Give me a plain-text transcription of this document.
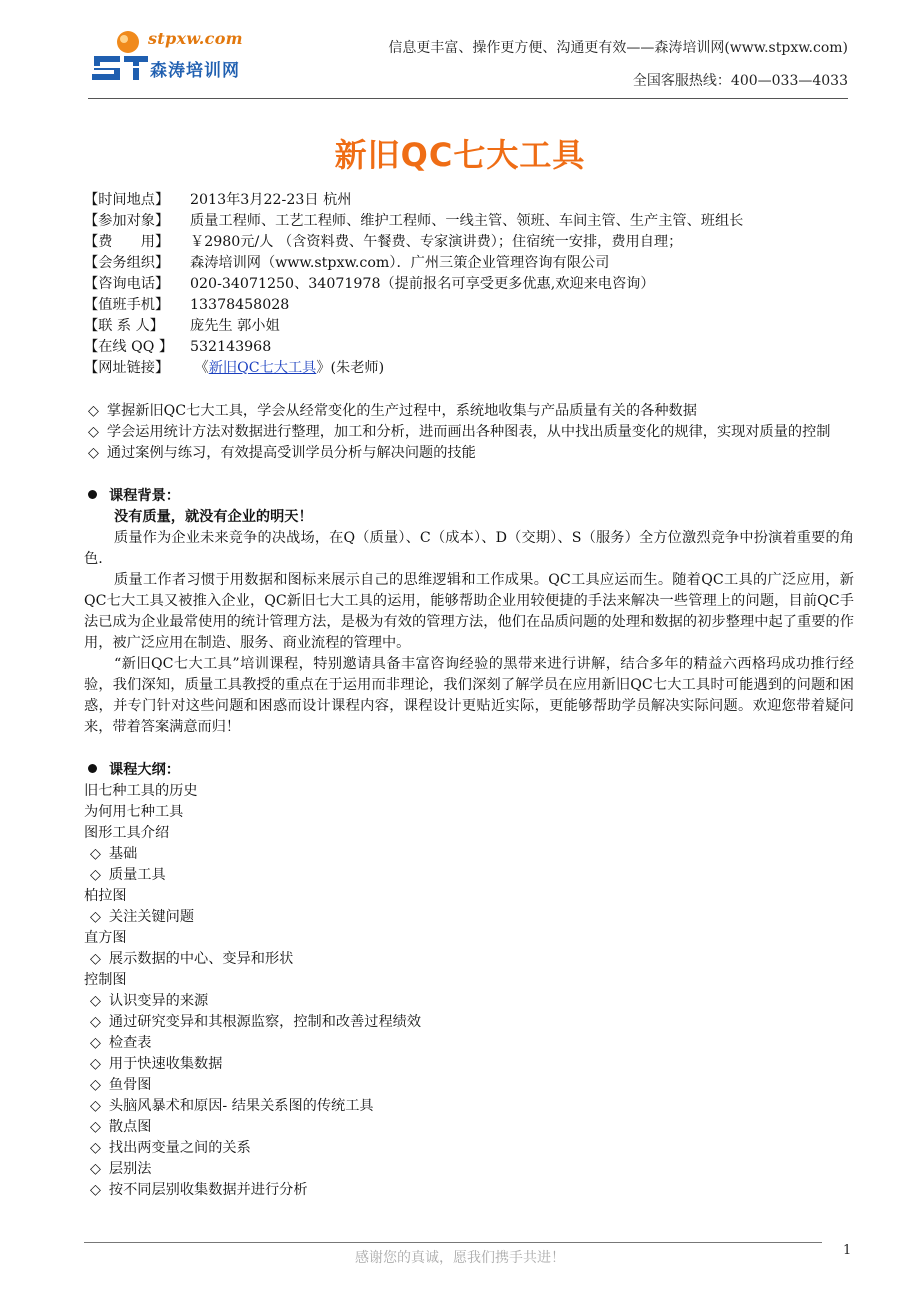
stpxw.com
森涛培训网
信息更丰富、操作更方便、沟通更有效——森涛培训网(www.stpxw.com)
全国客服热线：400—033—4033
新旧QC七大工具
【时间地点】 2013年3月22-23日 杭州
【参加对象】 质量工程师、工艺工程师、维护工程师、一线主管、领班、车间主管、生产主管、班组长
【费　　用】 ￥2980元/人 （含资料费、午餐费、专家演讲费）；住宿统一安排，费用自理；
【会务组织】 森涛培训网（www.stpxw.com）．广州三策企业管理咨询有限公司
【咨询电话】 020-34071250、34071978（提前报名可享受更多优惠,欢迎来电咨询）
【值班手机】 13378458028
【联 系 人】 庞先生 郭小姐
【在线 QQ 】 532143968
【网址链接】 《新旧QC七大工具》(朱老师)
◇ 掌握新旧QC七大工具，学会从经常变化的生产过程中，系统地收集与产品质量有关的各种数据
◇ 学会运用统计方法对数据进行整理，加工和分析，进而画出各种图表，从中找出质量变化的规律，实现对质量的控制
◇ 通过案例与练习，有效提高受训学员分析与解决问题的技能
课程背景：
没有质量，就没有企业的明天！
质量作为企业未来竞争的决战场，在Q（质量）、C（成本）、D（交期）、S（服务）全方位激烈竞争中扮演着重要的角色.
质量工作者习惯于用数据和图标来展示自己的思维逻辑和工作成果。QC工具应运而生。随着QC工具的广泛应用，新QC七大工具又被推入企业，QC新旧七大工具的运用，能够帮助企业用较便捷的手法来解决一些管理上的问题，目前QC手法已成为企业最常使用的统计管理方法，是极为有效的管理方法，他们在品质问题的处理和数据的初步整理中起了重要的作用，被广泛应用在制造、服务、商业流程的管理中。
“新旧QC七大工具”培训课程，特别邀请具备丰富咨询经验的黑带来进行讲解，结合多年的精益六西格玛成功推行经验，我们深知，质量工具教授的重点在于运用而非理论，我们深刻了解学员在应用新旧QC七大工具时可能遇到的问题和困惑，并专门针对这些问题和困惑而设计课程内容，课程设计更贴近实际，更能够帮助学员解决实际问题。欢迎您带着疑问来，带着答案满意而归！
课程大纲：
旧七种工具的历史
为何用七种工具
图形工具介绍
◇ 基础
◇ 质量工具
柏拉图
◇ 关注关键问题
直方图
◇ 展示数据的中心、变异和形状
控制图
◇ 认识变异的来源
◇ 通过研究变异和其根源监察，控制和改善过程绩效
◇ 检查表
◇ 用于快速收集数据
◇ 鱼骨图
◇ 头脑风暴术和原因- 结果关系图的传统工具
◇ 散点图
◇ 找出两变量之间的关系
◇ 层别法
◇ 按不同层别收集数据并进行分析
感谢您的真诚，愿我们携手共进！	1
